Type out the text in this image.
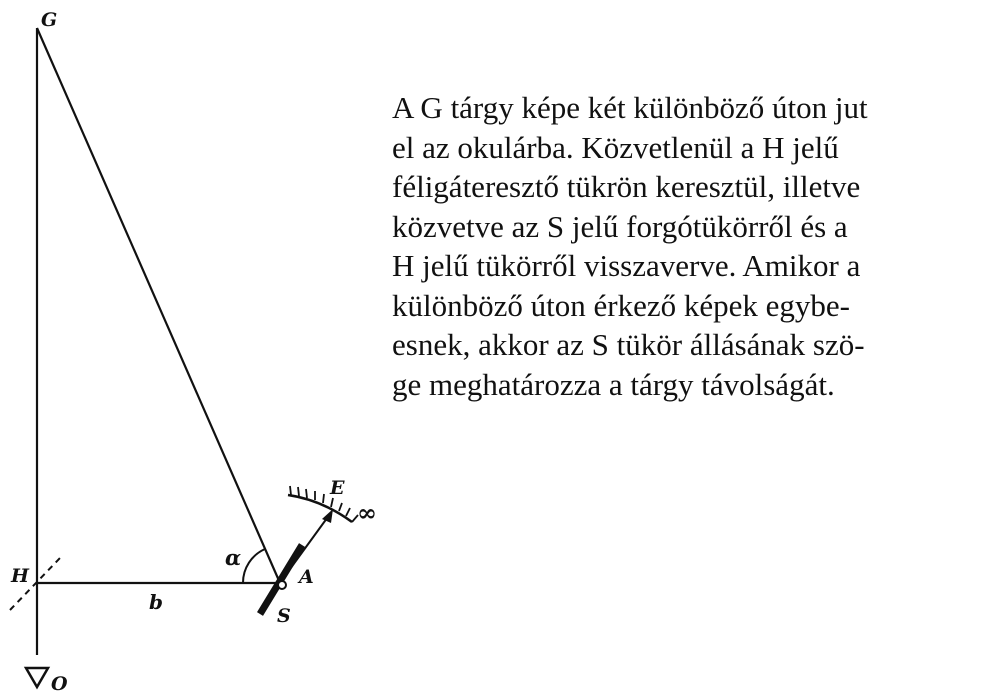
G
H
O
b
α
A
S
E
∞
A G tárgy képe két különböző úton jut
el az okulárba. Közvetlenül a H jelű
féligáteresztő tükrön keresztül, illetve
közvetve az S jelű forgótükörről és a
H jelű tükörről visszaverve. Amikor a
különböző úton érkező képek egybe-
esnek, akkor az S tükör állásának szö-
ge meghatározza a tárgy távolságát.
